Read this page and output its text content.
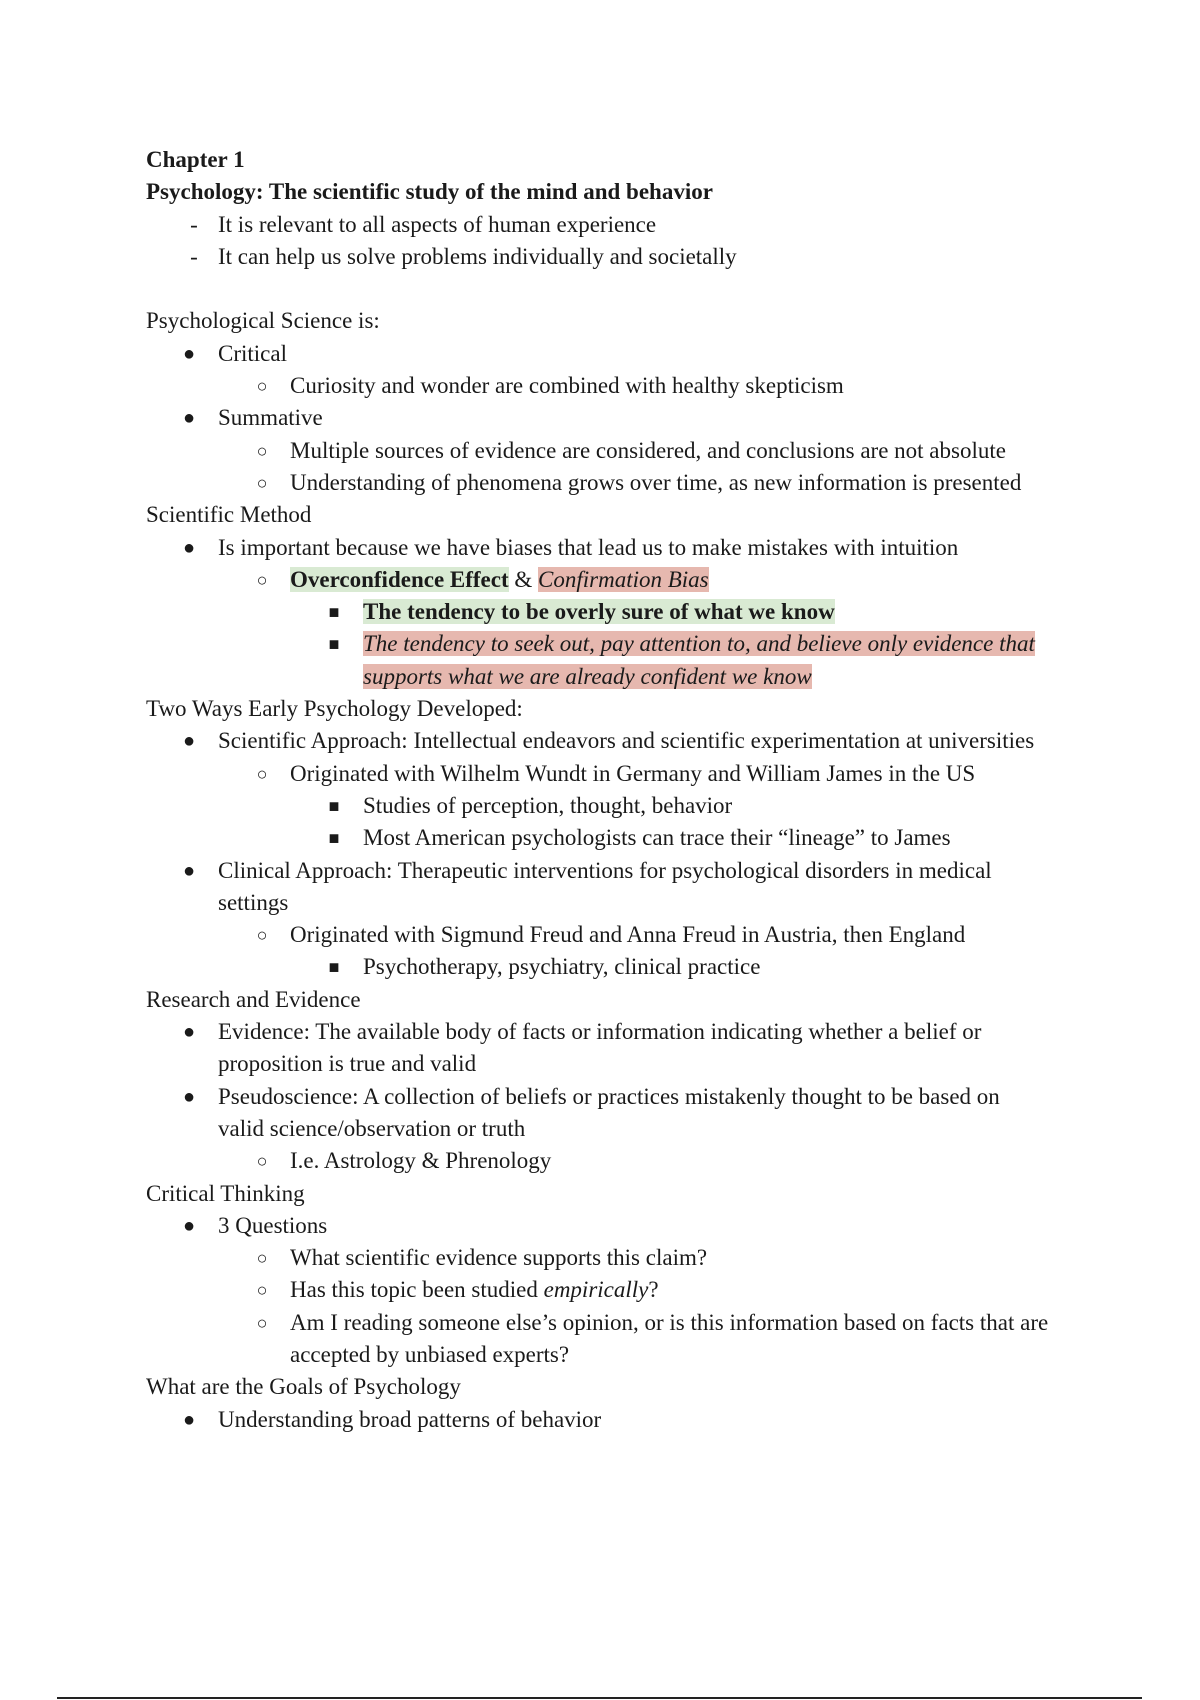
Chapter 1
Psychology: The scientific study of the mind and behavior
- It is relevant to all aspects of human experience
- It can help us solve problems individually and societally
Psychological Science is:
● Critical
○ Curiosity and wonder are combined with healthy skepticism
● Summative
○ Multiple sources of evidence are considered, and conclusions are not absolute
○ Understanding of phenomena grows over time, as new information is presented
Scientific Method
● Is important because we have biases that lead us to make mistakes with intuition
○ Overconfidence Effect & Confirmation Bias
■ The tendency to be overly sure of what we know
■ The tendency to seek out, pay attention to, and believe only evidence that
supports what we are already confident we know
Two Ways Early Psychology Developed:
● Scientific Approach: Intellectual endeavors and scientific experimentation at universities
○ Originated with Wilhelm Wundt in Germany and William James in the US
■ Studies of perception, thought, behavior
■ Most American psychologists can trace their “lineage” to James
● Clinical Approach: Therapeutic interventions for psychological disorders in medical
settings
○ Originated with Sigmund Freud and Anna Freud in Austria, then England
■ Psychotherapy, psychiatry, clinical practice
Research and Evidence
● Evidence: The available body of facts or information indicating whether a belief or
proposition is true and valid
● Pseudoscience: A collection of beliefs or practices mistakenly thought to be based on
valid science/observation or truth
○ I.e. Astrology & Phrenology
Critical Thinking
● 3 Questions
○ What scientific evidence supports this claim?
○ Has this topic been studied empirically?
○ Am I reading someone else’s opinion, or is this information based on facts that are
accepted by unbiased experts?
What are the Goals of Psychology
● Understanding broad patterns of behavior
